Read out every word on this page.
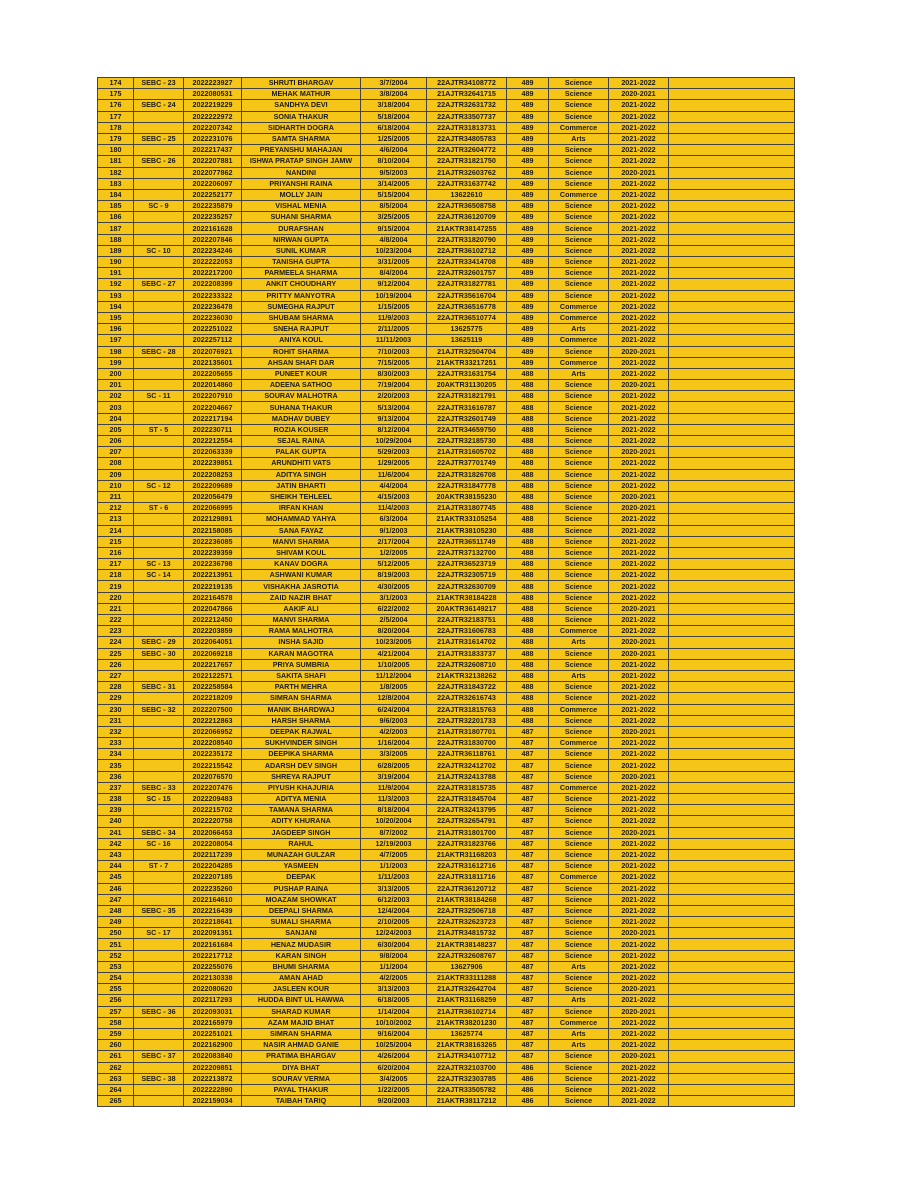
174	SEBC - 23	2022223927	SHRUTI BHARGAV	3/7/2004	22AJTR34108772	489	Science	2021-2022	
175		2022080531	MEHAK MATHUR	3/8/2004	21AJTR32641715	489	Science	2020-2021	
176	SEBC - 24	2022219229	SANDHYA DEVI	3/18/2004	22AJTR32631732	489	Science	2021-2022	
177		2022222972	SONIA THAKUR	5/18/2004	22AJTR33507737	489	Science	2021-2022	
178		2022207342	SIDHARTH DOGRA	6/18/2004	22AJTR31813731	489	Commerce	2021-2022	
179	SEBC - 25	2022231076	SAMTA SHARMA	1/25/2005	22AJTR34805783	489	Arts	2021-2022	
180		2022217437	PREYANSHU MAHAJAN	4/6/2004	22AJTR32604772	489	Science	2021-2022	
181	SEBC - 26	2022207881	ISHWA PRATAP SINGH JAMW	8/10/2004	22AJTR31821750	489	Science	2021-2022	
182		2022077862	NANDINI	9/5/2003	21AJTR32603762	489	Science	2020-2021	
183		2022206097	PRIYANSHI RAINA	3/14/2005	22AJTR31637742	489	Science	2021-2022	
184		2022252177	MOLLY JAIN	5/15/2004	13622610	489	Commerce	2021-2022	
185	SC - 9	2022235879	VISHAL MENIA	8/5/2004	22AJTR36508758	489	Science	2021-2022	
186		2022235257	SUHANI SHARMA	3/25/2005	22AJTR36120709	489	Science	2021-2022	
187		2022161628	DURAFSHAN	9/15/2004	21AKTR38147255	489	Science	2021-2022	
188		2022207846	NIRWAN GUPTA	4/8/2004	22AJTR31820790	489	Science	2021-2022	
189	SC - 10	2022234246	SUNIL KUMAR	10/23/2004	22AJTR36102712	489	Science	2021-2022	
190		2022222053	TANISHA GUPTA	3/31/2005	22AJTR33414708	489	Science	2021-2022	
191		2022217200	PARMEELA SHARMA	8/4/2004	22AJTR32601757	489	Science	2021-2022	
192	SEBC - 27	2022208399	ANKIT CHOUDHARY	9/12/2004	22AJTR31827781	489	Science	2021-2022	
193		2022233322	PRITTY MANYOTRA	10/19/2004	22AJTR35616704	489	Science	2021-2022	
194		2022236478	SUMEGHA RAJPUT	1/15/2005	22AJTR36516778	489	Commerce	2021-2022	
195		2022236030	SHUBAM SHARMA	11/9/2003	22AJTR36510774	489	Commerce	2021-2022	
196		2022251022	SNEHA RAJPUT	2/11/2005	13625775	489	Arts	2021-2022	
197		2022257112	ANIYA KOUL	11/11/2003	13625119	489	Commerce	2021-2022	
198	SEBC - 28	2022076921	ROHIT SHARMA	7/10/2003	21AJTR32504704	489	Science	2020-2021	
199		2022135601	AHSAN SHAFI DAR	7/15/2005	21AKTR33217251	489	Commerce	2021-2022	
200		2022205655	PUNEET KOUR	8/30/2003	22AJTR31631754	488	Arts	2021-2022	
201		2022014860	ADEENA SATHOO	7/19/2004	20AKTR31130205	488	Science	2020-2021	
202	SC - 11	2022207910	SOURAV MALHOTRA	2/20/2003	22AJTR31821791	488	Science	2021-2022	
203		2022204667	SUHANA THAKUR	5/13/2004	22AJTR31616787	488	Science	2021-2022	
204		2022217194	MADHAV DUBEY	9/13/2004	22AJTR32601749	488	Science	2021-2022	
205	ST - 5	2022230711	ROZIA KOUSER	8/12/2004	22AJTR34659750	488	Science	2021-2022	
206		2022212554	SEJAL RAINA	10/29/2004	22AJTR32185730	488	Science	2021-2022	
207		2022063339	PALAK GUPTA	5/29/2003	21AJTR31605702	488	Science	2020-2021	
208		2022239851	ARUNDHITI VATS	1/29/2005	22AJTR37701749	488	Science	2021-2022	
209		2022208253	ADITYA SINGH	11/6/2004	22AJTR31826708	488	Science	2021-2022	
210	SC - 12	2022209689	JATIN BHARTI	4/4/2004	22AJTR31847778	488	Science	2021-2022	
211		2022056479	SHEIKH TEHLEEL	4/15/2003	20AKTR38155230	488	Science	2020-2021	
212	ST - 6	2022066995	IRFAN KHAN	11/4/2003	21AJTR31807745	488	Science	2020-2021	
213		2022129891	MOHAMMAD YAHYA	6/3/2004	21AKTR33105254	488	Science	2021-2022	
214		2022158085	SANA FAYAZ	9/1/2003	21AKTR38105230	488	Science	2021-2022	
215		2022236085	MANVI SHARMA	2/17/2004	22AJTR36511749	488	Science	2021-2022	
216		2022239359	SHIVAM KOUL	1/2/2005	22AJTR37132700	488	Science	2021-2022	
217	SC - 13	2022236798	KANAV DOGRA	5/12/2005	22AJTR36523719	488	Science	2021-2022	
218	SC - 14	2022213951	ASHWANI KUMAR	8/19/2003	22AJTR32305719	488	Science	2021-2022	
219		2022219135	VISHAKHA JASROTIA	4/30/2005	22AJTR32630709	488	Science	2021-2022	
220		2022164578	ZAID NAZIR BHAT	3/1/2003	21AKTR38184228	488	Science	2021-2022	
221		2022047866	AAKIF ALI	6/22/2002	20AKTR36149217	488	Science	2020-2021	
222		2022212450	MANVI SHARMA	2/5/2004	22AJTR32183751	488	Science	2021-2022	
223		2022203859	RAMA MALHOTRA	8/20/2004	22AJTR31606783	488	Commerce	2021-2022	
224	SEBC - 29	2022064051	INSHA SAJID	10/23/2005	21AJTR31614702	488	Arts	2020-2021	
225	SEBC - 30	2022069218	KARAN MAGOTRA	4/21/2004	21AJTR31833737	488	Science	2020-2021	
226		2022217657	PRIYA SUMBRIA	1/10/2005	22AJTR32608710	488	Science	2021-2022	
227		2022122571	SAKITA SHAFI	11/12/2004	21AKTR32138262	488	Arts	2021-2022	
228	SEBC - 31	2022258584	PARTH MEHRA	1/8/2005	22AJTR31843722	488	Science	2021-2022	
229		2022218209	SIMRAN SHARMA	12/8/2004	22AJTR32616743	488	Science	2021-2022	
230	SEBC - 32	2022207500	MANIK BHARDWAJ	6/24/2004	22AJTR31815763	488	Commerce	2021-2022	
231		2022212863	HARSH SHARMA	9/6/2003	22AJTR32201733	488	Science	2021-2022	
232		2022066952	DEEPAK RAJWAL	4/2/2003	21AJTR31807701	487	Science	2020-2021	
233		2022208540	SUKHVINDER SINGH	1/16/2004	22AJTR31830700	487	Commerce	2021-2022	
234		2022235172	DEEPIKA SHARMA	3/3/2005	22AJTR36118761	487	Science	2021-2022	
235		2022215542	ADARSH DEV SINGH	6/28/2005	22AJTR32412702	487	Science	2021-2022	
236		2022076570	SHREYA RAJPUT	3/19/2004	21AJTR32413788	487	Science	2020-2021	
237	SEBC - 33	2022207476	PIYUSH KHAJURIA	11/9/2004	22AJTR31815735	487	Commerce	2021-2022	
238	SC - 15	2022209483	ADITYA MENIA	11/3/2003	22AJTR31845704	487	Science	2021-2022	
239		2022215702	TAMANA SHARMA	8/18/2004	22AJTR32413795	487	Science	2021-2022	
240		2022220758	ADITY KHURANA	10/20/2004	22AJTR32654791	487	Science	2021-2022	
241	SEBC - 34	2022066453	JAGDEEP SINGH	8/7/2002	21AJTR31801700	487	Science	2020-2021	
242	SC - 16	2022208054	RAHUL	12/19/2003	22AJTR31823766	487	Science	2021-2022	
243		2022117239	MUNAZAH GULZAR	4/7/2005	21AKTR31168203	487	Science	2021-2022	
244	ST - 7	2022204285	YASMEEN	1/1/2003	22AJTR31612716	487	Science	2021-2022	
245		2022207185	DEEPAK	1/11/2003	22AJTR31811716	487	Commerce	2021-2022	
246		2022235260	PUSHAP RAINA	3/13/2005	22AJTR36120712	487	Science	2021-2022	
247		2022164610	MOAZAM SHOWKAT	6/12/2003	21AKTR38184268	487	Science	2021-2022	
248	SEBC - 35	2022216439	DEEPALI SHARMA	12/4/2004	22AJTR32506718	487	Science	2021-2022	
249		2022218641	SUMALI SHARMA	2/10/2005	22AJTR32623723	487	Science	2021-2022	
250	SC - 17	2022091351	SANJANI	12/24/2003	21AJTR34815732	487	Science	2020-2021	
251		2022161684	HENAZ MUDASIR	6/30/2004	21AKTR38148237	487	Science	2021-2022	
252		2022217712	KARAN SINGH	9/8/2004	22AJTR32608767	487	Science	2021-2022	
253		2022255076	BHUMI SHARMA	1/1/2004	13627906	487	Arts	2021-2022	
254		2022130338	AMAN AHAD	4/2/2005	21AKTR33111288	487	Science	2021-2022	
255		2022080620	JASLEEN KOUR	3/13/2003	21AJTR32642704	487	Science	2020-2021	
256		2022117293	HUDDA BINT UL HAWWA	6/18/2005	21AKTR31168259	487	Arts	2021-2022	
257	SEBC - 36	2022093031	SHARAD KUMAR	1/14/2004	21AJTR36102714	487	Science	2020-2021	
258		2022165979	AZAM MAJID BHAT	10/10/2002	21AKTR38201230	487	Commerce	2021-2022	
259		2022251021	SIMRAN SHARMA	9/16/2004	13625774	487	Arts	2021-2022	
260		2022162900	NASIR AHMAD GANIE	10/25/2004	21AKTR38163265	487	Arts	2021-2022	
261	SEBC - 37	2022083840	PRATIMA BHARGAV	4/26/2004	21AJTR34107712	487	Science	2020-2021	
262		2022209851	DIYA BHAT	6/20/2004	22AJTR32103700	486	Science	2021-2022	
263	SEBC - 38	2022213872	SOURAV VERMA	3/4/2005	22AJTR32303785	486	Science	2021-2022	
264		2022222890	PAYAL THAKUR	1/22/2005	22AJTR33505782	486	Science	2021-2022	
265		2022159034	TAIBAH TARIQ	9/20/2003	21AKTR38117212	486	Science	2021-2022	
